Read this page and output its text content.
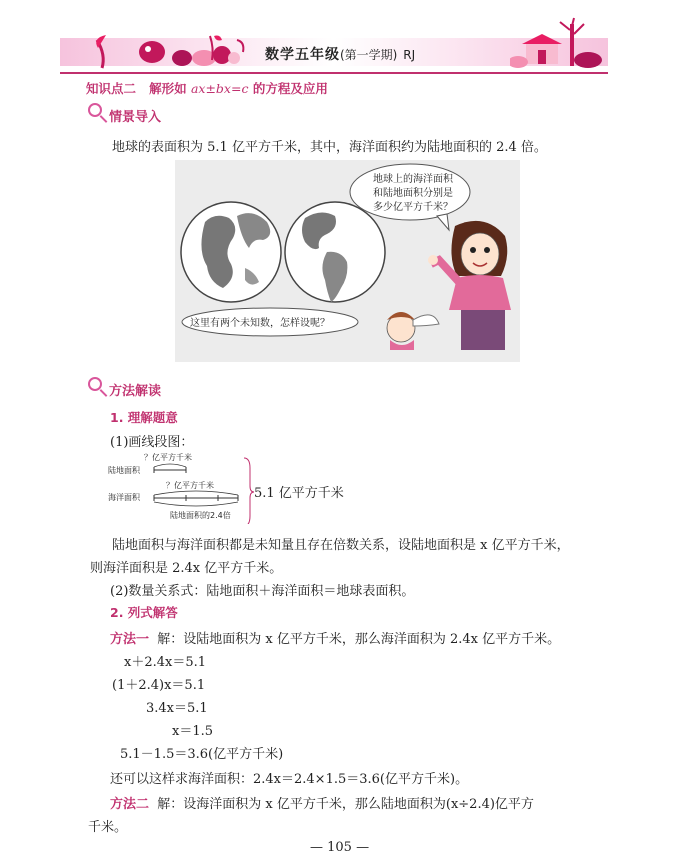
数学五年级(第一学期) RJ
知识点二 解形如 ax±bx=c 的方程及应用
情景导入
地球的表面积为 5.1 亿平方千米，其中，海洋面积约为陆地面积的 2.4 倍。
地球上的海洋面积
和陆地面积分别是
多少亿平方千米？
这里有两个未知数，怎样设呢？
方法解读
1. 理解题意
(1)画线段图：
？亿平方千米
陆地面积
？亿平方千米
海洋面积
陆地面积的2.4倍
5.1 亿平方千米
陆地面积与海洋面积都是未知量且存在倍数关系，设陆地面积是 x 亿平方千米，
则海洋面积是 2.4x 亿平方千米。
(2)数量关系式：陆地面积＋海洋面积＝地球表面积。
2. 列式解答
方法一 解：设陆地面积为 x 亿平方千米，那么海洋面积为 2.4x 亿平方千米。
x＋2.4x＝5.1
(1＋2.4)x＝5.1
3.4x＝5.1
x＝1.5
5.1－1.5＝3.6(亿平方千米)
还可以这样求海洋面积：2.4x＝2.4×1.5＝3.6(亿平方千米)。
方法二 解：设海洋面积为 x 亿平方千米，那么陆地面积为(x÷2.4)亿平方
千米。
— 105 —
